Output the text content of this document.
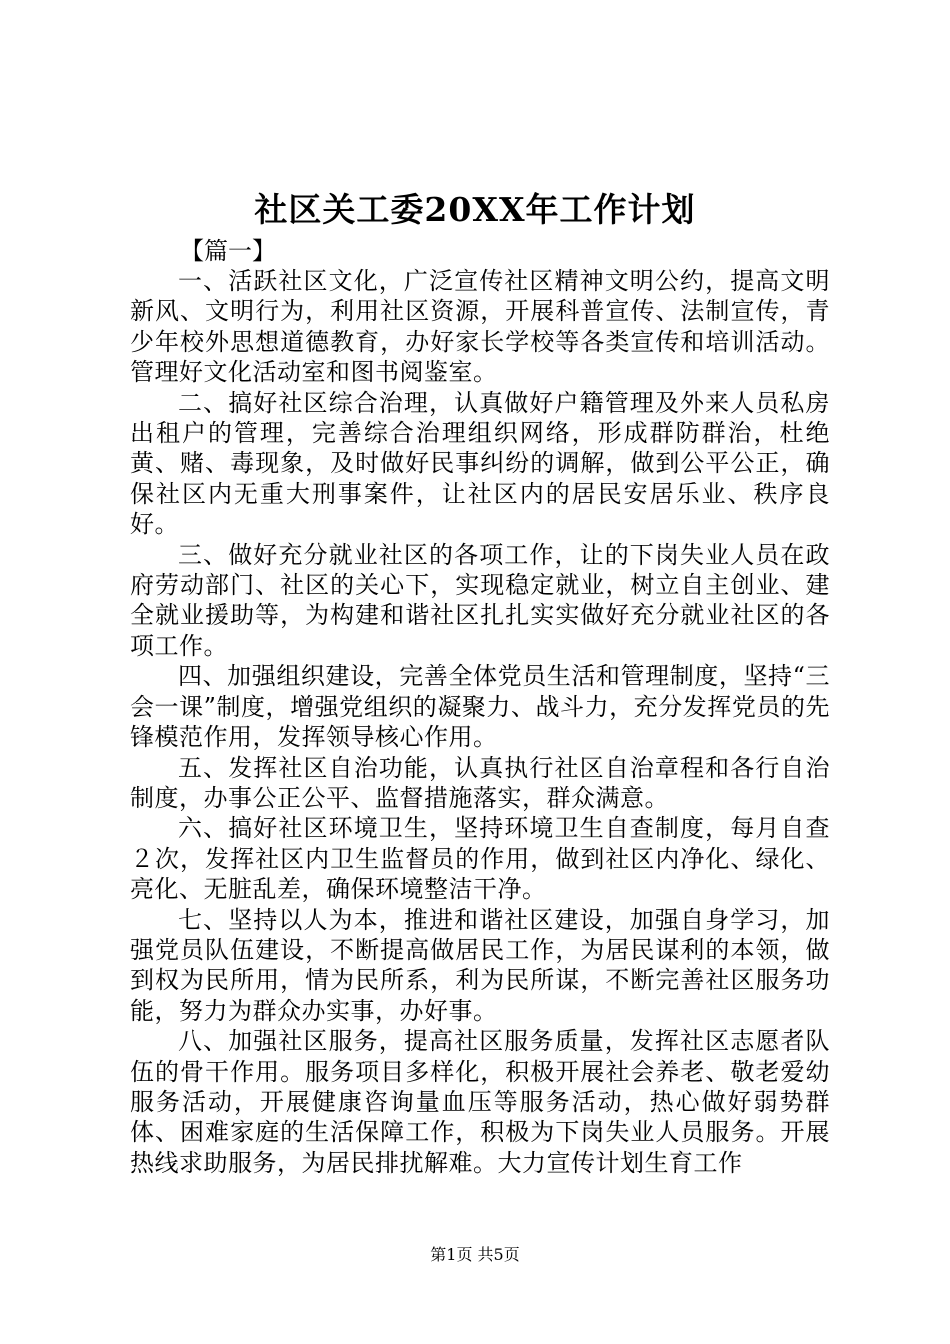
社区关工委20XX年工作计划

【篇一】

一、活跃社区文化，广泛宣传社区精神文明公约，提高文明新风、文明行为，利用社区资源，开展科普宣传、法制宣传，青少年校外思想道德教育，办好家长学校等各类宣传和培训活动。管理好文化活动室和图书阅鉴室。

二、搞好社区综合治理，认真做好户籍管理及外来人员私房出租户的管理，完善综合治理组织网络，形成群防群治，杜绝黄、赌、毒现象，及时做好民事纠纷的调解，做到公平公正，确保社区内无重大刑事案件，让社区内的居民安居乐业、秩序良好。

三、做好充分就业社区的各项工作，让的下岗失业人员在政府劳动部门、社区的关心下，实现稳定就业，树立自主创业、建全就业援助等，为构建和谐社区扎扎实实做好充分就业社区的各项工作。

四、加强组织建设，完善全体党员生活和管理制度，坚持“三会一课”制度，增强党组织的凝聚力、战斗力，充分发挥党员的先锋模范作用，发挥领导核心作用。

五、发挥社区自治功能，认真执行社区自治章程和各行自治制度，办事公正公平、监督措施落实，群众满意。

六、搞好社区环境卫生，坚持环境卫生自查制度，每月自查２次，发挥社区内卫生监督员的作用，做到社区内净化、绿化、亮化、无脏乱差，确保环境整洁干净。

七、坚持以人为本，推进和谐社区建设，加强自身学习，加强党员队伍建设，不断提高做居民工作，为居民谋利的本领，做到权为民所用，情为民所系，利为民所谋，不断完善社区服务功能，努力为群众办实事，办好事。

八、加强社区服务，提高社区服务质量，发挥社区志愿者队伍的骨干作用。服务项目多样化，积极开展社会养老、敬老爱幼服务活动，开展健康咨询量血压等服务活动，热心做好弱势群体、困难家庭的生活保障工作，积极为下岗失业人员服务。开展热线求助服务，为居民排扰解难。大力宣传计划生育工作

第1页 共5页
